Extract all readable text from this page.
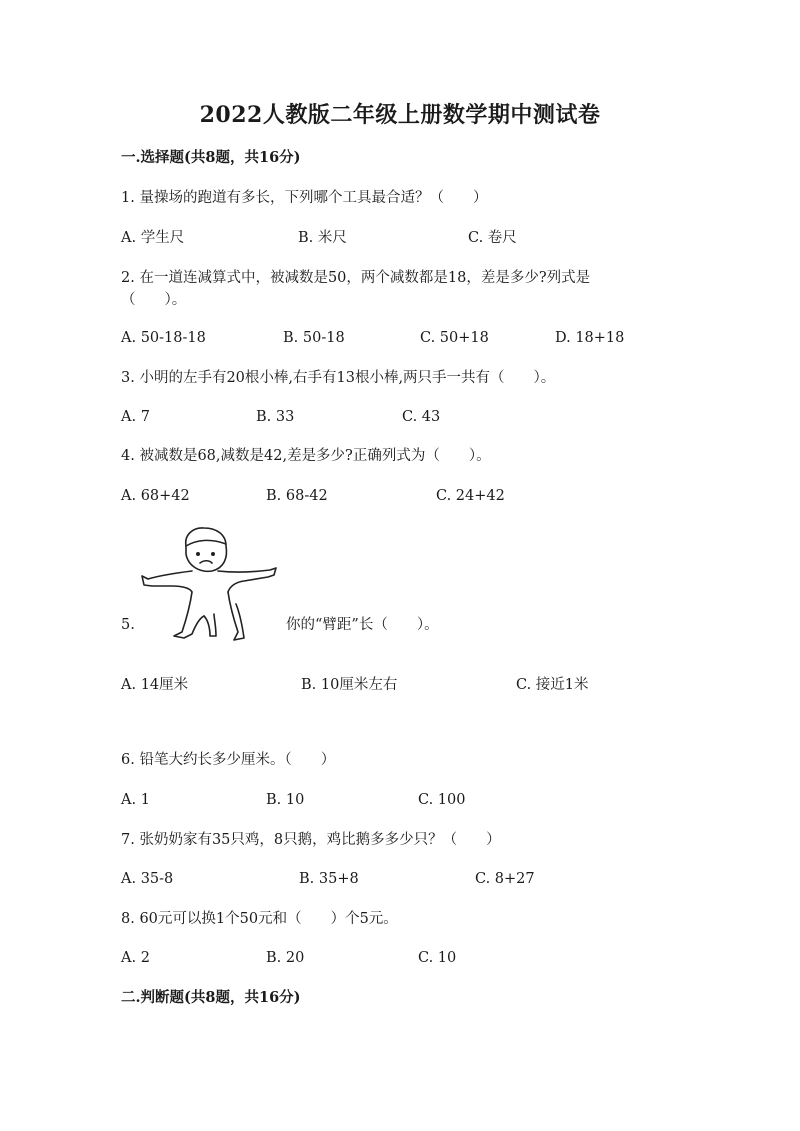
2022人教版二年级上册数学期中测试卷
一.选择题(共8题，共16分)
1. 量操场的跑道有多长，下列哪个工具最合适？（　　）
A. 学生尺	B. 米尺	C. 卷尺
2. 在一道连减算式中，被减数是50，两个减数都是18，差是多少?列式是
（　　）。
A. 50-18-18	B. 50-18	C. 50+18	D. 18+18
3. 小明的左手有20根小棒,右手有13根小棒,两只手一共有（　　）。
A. 7	B. 33	C. 43
4. 被减数是68,减数是42,差是多少?正确列式为（　　）。
A. 68+42	B. 68-42	C. 24+42
5.	你的“臂距”长（　　）。
A. 14厘米	B. 10厘米左右	C. 接近1米
6. 铅笔大约长多少厘米。（　　）
A. 1	B. 10	C. 100
7. 张奶奶家有35只鸡，8只鹅，鸡比鹅多多少只？（　　）
A. 35-8	B. 35+8	C. 8+27
8. 60元可以换1个50元和（　　）个5元。
A. 2	B. 20	C. 10
二.判断题(共8题，共16分)
